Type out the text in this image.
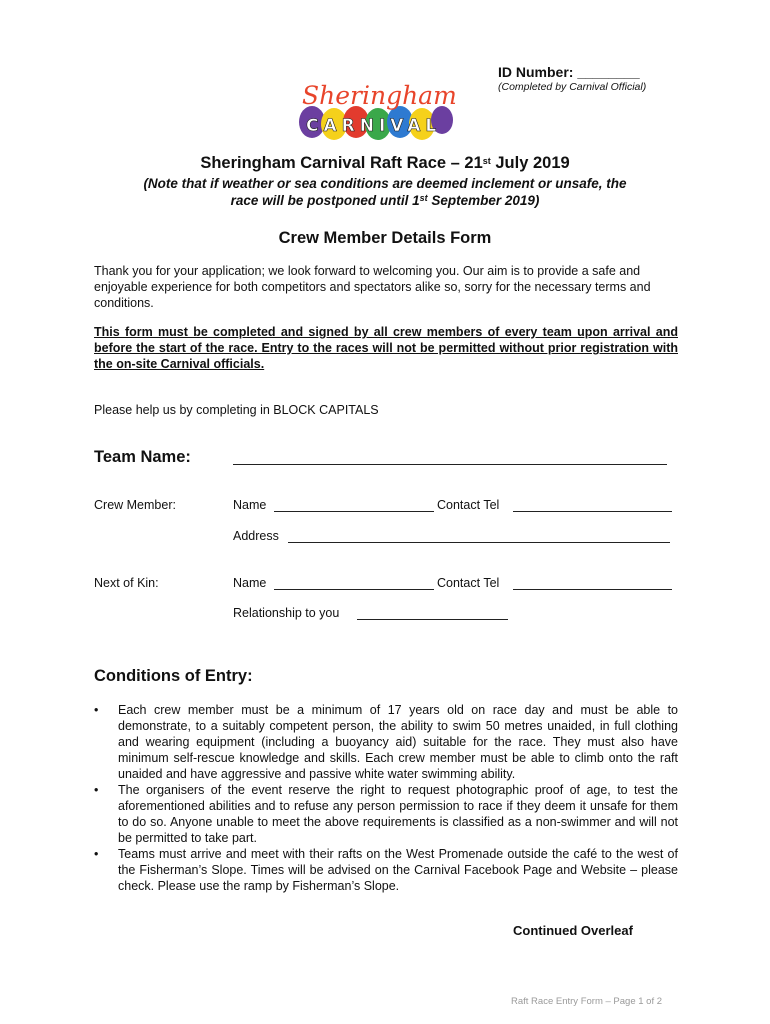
ID Number: ________
(Completed by Carnival Official)
Sheringham
CARNIVAL
Sheringham Carnival Raft Race – 21st July 2019
(Note that if weather or sea conditions are deemed inclement or unsafe, the
race will be postponed until 1st September 2019)
Crew Member Details Form
Thank you for your application; we look forward to welcoming you. Our aim is to provide a safe and enjoyable experience for both competitors and spectators alike so, sorry for the necessary terms and conditions.
This form must be completed and signed by all crew members of every team upon arrival and before the start of the race. Entry to the races will not be permitted without prior registration with the on-site Carnival officials.
Please help us by completing in BLOCK CAPITALS
Team Name:
Crew Member:	Name	Contact Tel
Address
Next of Kin:	Name	Contact Tel
Relationship to you
Conditions of Entry:
• Each crew member must be a minimum of 17 years old on race day and must be able to demonstrate, to a suitably competent person, the ability to swim 50 metres unaided, in full clothing and wearing equipment (including a buoyancy aid) suitable for the race. They must also have minimum self-rescue knowledge and skills. Each crew member must be able to climb onto the raft unaided and have aggressive and passive white water swimming ability.
• The organisers of the event reserve the right to request photographic proof of age, to test the aforementioned abilities and to refuse any person permission to race if they deem it unsafe for them to do so. Anyone unable to meet the above requirements is classified as a non-swimmer and will not be permitted to take part.
• Teams must arrive and meet with their rafts on the West Promenade outside the café to the west of the Fisherman’s Slope. Times will be advised on the Carnival Facebook Page and Website – please check. Please use the ramp by Fisherman’s Slope.
Continued Overleaf
Raft Race Entry Form – Page 1 of 2
